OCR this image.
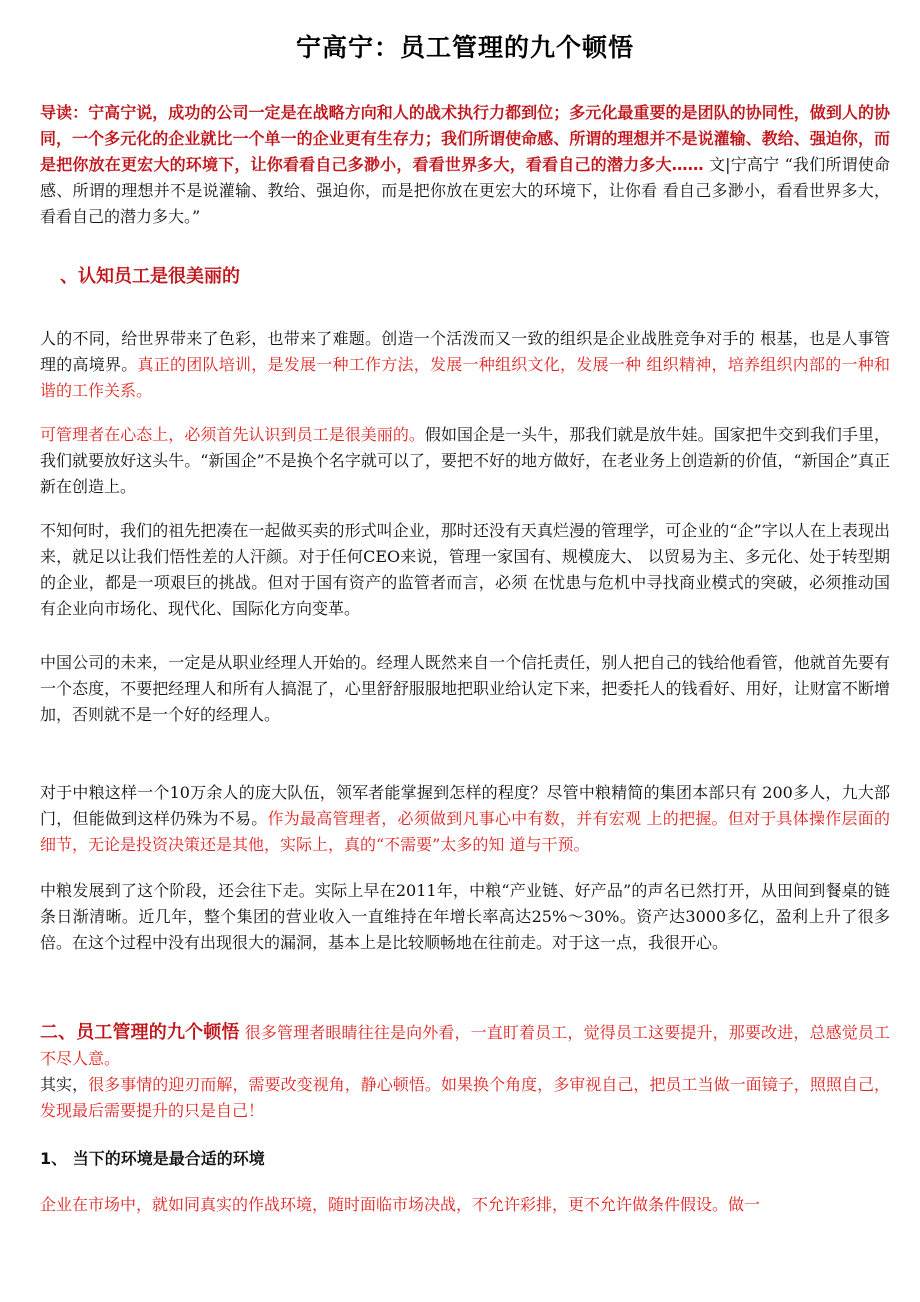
宁高宁：员工管理的九个顿悟

导读：宁高宁说，成功的公司一定是在战略方向和人的战术执行力都到位；多元化最重要的是团队的协同性，做到人的协同，一个多元化的企业就比一个单一的企业更有生存力；我们所谓使命感、所谓的理想并不是说灌输、教给、强迫你，而是把你放在更宏大的环境下，让你看看自己多渺小，看看世界多大，看看自己的潜力多大…… 文|宁高宁 “我们所谓使命感、所谓的理想并不是说灌输、教给、强迫你，而是把你放在更宏大的环境下，让你看 看自己多渺小，看看世界多大，看看自己的潜力多大。”

、认知员工是很美丽的

人的不同，给世界带来了色彩，也带来了难题。创造一个活泼而又一致的组织是企业战胜竞争对手的 根基，也是人事管理的高境界。真正的团队培训，是发展一种工作方法，发展一种组织文化，发展一种 组织精神，培养组织内部的一种和谐的工作关系。

可管理者在心态上，必须首先认识到员工是很美丽的。假如国企是一头牛，那我们就是放牛娃。国家把牛交到我们手里，我们就要放好这头牛。“新国企”不是换个名字就可以了，要把不好的地方做好，在老业务上创造新的价值，“新国企”真正新在创造上。

不知何时，我们的祖先把凑在一起做买卖的形式叫企业，那时还没有天真烂漫的管理学，可企业的“企”字以人在上表现出来，就足以让我们悟性差的人汗颜。对于任何CEO来说，管理一家国有、规模庞大、 以贸易为主、多元化、处于转型期的企业，都是一项艰巨的挑战。但对于国有资产的监管者而言，必须 在忧患与危机中寻找商业模式的突破，必须推动国有企业向市场化、现代化、国际化方向变革。

中国公司的未来，一定是从职业经理人开始的。经理人既然来自一个信托责任，别人把自己的钱给他看管，他就首先要有一个态度，不要把经理人和所有人搞混了，心里舒舒服服地把职业给认定下来，把委托人的钱看好、用好，让财富不断增加，否则就不是一个好的经理人。

对于中粮这样一个10万余人的庞大队伍，领军者能掌握到怎样的程度？尽管中粮精简的集团本部只有 200多人，九大部门，但能做到这样仍殊为不易。作为最高管理者，必须做到凡事心中有数，并有宏观 上的把握。但对于具体操作层面的细节，无论是投资决策还是其他，实际上，真的“不需要”太多的知 道与干预。

中粮发展到了这个阶段，还会往下走。实际上早在2011年，中粮“产业链、好产品”的声名已然打开，从田间到餐桌的链条日渐清晰。近几年，整个集团的营业收入一直维持在年增长率高达25%～30%。资产达3000多亿，盈利上升了很多倍。在这个过程中没有出现很大的漏洞，基本上是比较顺畅地在往前走。对于这一点，我很开心。

二、员工管理的九个顿悟 很多管理者眼睛往往是向外看，一直盯着员工，觉得员工这要提升，那要改进，总感觉员工不尽人意。
其实，很多事情的迎刃而解，需要改变视角，静心顿悟。如果换个角度，多审视自己，把员工当做一面镜子，照照自己，发现最后需要提升的只是自己！

1、 当下的环境是最合适的环境

企业在市场中，就如同真实的作战环境，随时面临市场决战，不允许彩排，更不允许做条件假设。做一
